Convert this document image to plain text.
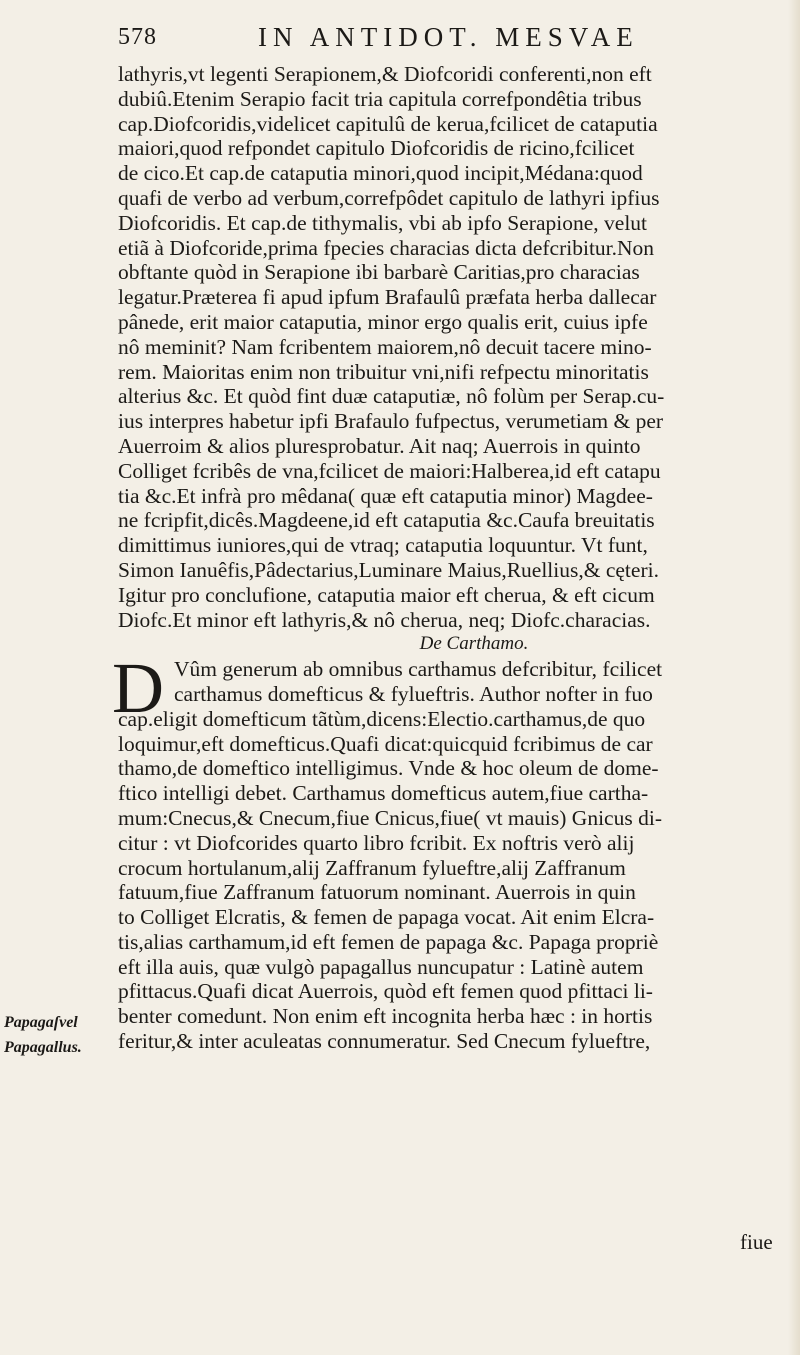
578	IN ANTIDOT. MESVAE
lathyris,vt legenti Serapionem,& Diofcoridi conferenti,non eft
dubiû.Etenim Serapio facit tria capitula correfpondêtia tribus
cap.Diofcoridis,videlicet capitulû de kerua,fcilicet de cataputia
maiori,quod refpondet capitulo Diofcoridis de ricino,fcilicet
de cico.Et cap.de cataputia minori,quod incipit,Médana:quod
quafi de verbo ad verbum,correfpôdet capitulo de lathyri ipfius
Diofcoridis. Et cap.de tithymalis, vbi ab ipfo Serapione, velut
etiã à Diofcoride,prima fpecies characias dicta defcribitur.Non
obftante quòd in Serapione ibi barbarè Caritias,pro characias
legatur.Præterea fi apud ipfum Brafaulû præfata herba dallecar
pânede, erit maior cataputia, minor ergo qualis erit, cuius ipfe
nô meminit? Nam fcribentem maiorem,nô decuit tacere mino-
rem. Maioritas enim non tribuitur vni,nifi refpectu minoritatis
alterius &c. Et quòd fint duæ cataputiæ, nô folùm per Serap.cu-
ius interpres habetur ipfi Brafaulo fufpectus, verumetiam & per
Auerroim & alios pluresprobatur. Ait naq; Auerrois in quinto
Colliget fcribês de vna,fcilicet de maiori:Halberea,id eft catapu
tia &c.Et infrà pro mêdana( quæ eft cataputia minor) Magdee-
ne fcripfit,dicês.Magdeene,id eft cataputia &c.Caufa breuitatis
dimittimus iuniores,qui de vtraq; cataputia loquuntur. Vt funt,
Simon Ianuêfis,Pâdectarius,Luminare Maius,Ruellius,& cęteri.
Igitur pro conclufione, cataputia maior eft cherua, & eft cicum
Diofc.Et minor eft lathyris,& nô cherua, neq; Diofc.characias.
De Carthamo.
D Vûm generum ab omnibus carthamus defcribitur, fcilicet
carthamus domefticus & fylueftris. Author nofter in fuo
cap.eligit domefticum tãtùm,dicens:Electio.carthamus,de quo
loquimur,eft domefticus.Quafi dicat:quicquid fcribimus de car
thamo,de domeftico intelligimus. Vnde & hoc oleum de dome-
ftico intelligi debet. Carthamus domefticus autem,fiue cartha-
mum:Cnecus,& Cnecum,fiue Cnicus,fiue( vt mauis) Gnicus di-
citur : vt Diofcorides quarto libro fcribit. Ex noftris verò alij
crocum hortulanum,alij Zaffranum fylueftre,alij Zaffranum
fatuum,fiue Zaffranum fatuorum nominant. Auerrois in quin
to Colliget Elcratis, & femen de papaga vocat. Ait enim Elcra-
tis,alias carthamum,id eft femen de papaga &c. Papaga propriè
eft illa auis, quæ vulgò papagallus nuncupatur : Latinè autem
pfittacus.Quafi dicat Auerrois, quòd eft femen quod pfittaci li-
benter comedunt. Non enim eft incognita herba hæc : in hortis
feritur,& inter aculeatas connumeratur. Sed Cnecum fylueftre,
Papagaſvel
Papagallus.
fiue
